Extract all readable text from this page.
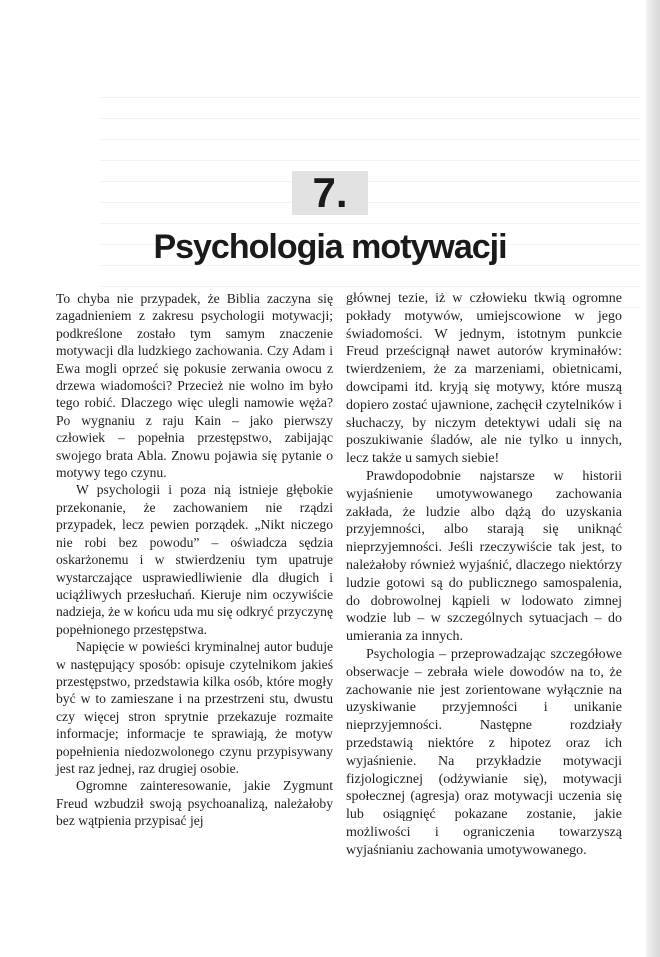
7.
Psychologia motywacji

To chyba nie przypadek, że Biblia zaczyna się zagadnieniem z zakresu psychologii motywacji; podkreślone zostało tym samym znaczenie motywacji dla ludzkiego zachowania. Czy Adam i Ewa mogli oprzeć się pokusie zerwania owocu z drzewa wiadomości? Przecież nie wolno im było tego robić. Dlaczego więc ulegli namowie węża? Po wygnaniu z raju Kain – jako pierwszy człowiek – popełnia przestępstwo, zabijając swojego brata Abla. Znowu pojawia się pytanie o motywy tego czynu.

W psychologii i poza nią istnieje głębokie przekonanie, że zachowaniem nie rządzi przypadek, lecz pewien porządek. „Nikt niczego nie robi bez powodu” – oświadcza sędzia oskarżonemu i w stwierdzeniu tym upatruje wystarczające usprawiedliwienie dla długich i uciążliwych przesłuchań. Kieruje nim oczywiście nadzieja, że w końcu uda mu się odkryć przyczynę popełnionego przestępstwa.

Napięcie w powieści kryminalnej autor buduje w następujący sposób: opisuje czytelnikom jakieś przestępstwo, przedstawia kilka osób, które mogły być w to zamieszane i na przestrzeni stu, dwustu czy więcej stron sprytnie przekazuje rozmaite informacje; informacje te sprawiają, że motyw popełnienia niedozwolonego czynu przypisywany jest raz jednej, raz drugiej osobie.

Ogromne zainteresowanie, jakie Zygmunt Freud wzbudził swoją psychoanalizą, należałoby bez wątpienia przypisać jej

głównej tezie, iż w człowieku tkwią ogromne pokłady motywów, umiejscowione w jego świadomości. W jednym, istotnym punkcie Freud prześcignął nawet autorów kryminałów: twierdzeniem, że za marzeniami, obietnicami, dowcipami itd. kryją się motywy, które muszą dopiero zostać ujawnione, zachęcił czytelników i słuchaczy, by niczym detektywi udali się na poszukiwanie śladów, ale nie tylko u innych, lecz także u samych siebie!

Prawdopodobnie najstarsze w historii wyjaśnienie umotywowanego zachowania zakłada, że ludzie albo dążą do uzyskania przyjemności, albo starają się uniknąć nieprzyjemności. Jeśli rzeczywiście tak jest, to należałoby również wyjaśnić, dlaczego niektórzy ludzie gotowi są do publicznego samospalenia, do dobrowolnej kąpieli w lodowato zimnej wodzie lub – w szczególnych sytuacjach – do umierania za innych.

Psychologia – przeprowadzając szczegółowe obserwacje – zebrała wiele dowodów na to, że zachowanie nie jest zorientowane wyłącznie na uzyskiwanie przyjemności i unikanie nieprzyjemności. Następne rozdziały przedstawią niektóre z hipotez oraz ich wyjaśnienie. Na przykładzie motywacji fizjologicznej (odżywianie się), motywacji społecznej (agresja) oraz motywacji uczenia się lub osiągnięć pokazane zostanie, jakie możliwości i ograniczenia towarzyszą wyjaśnianiu zachowania umotywowanego.
